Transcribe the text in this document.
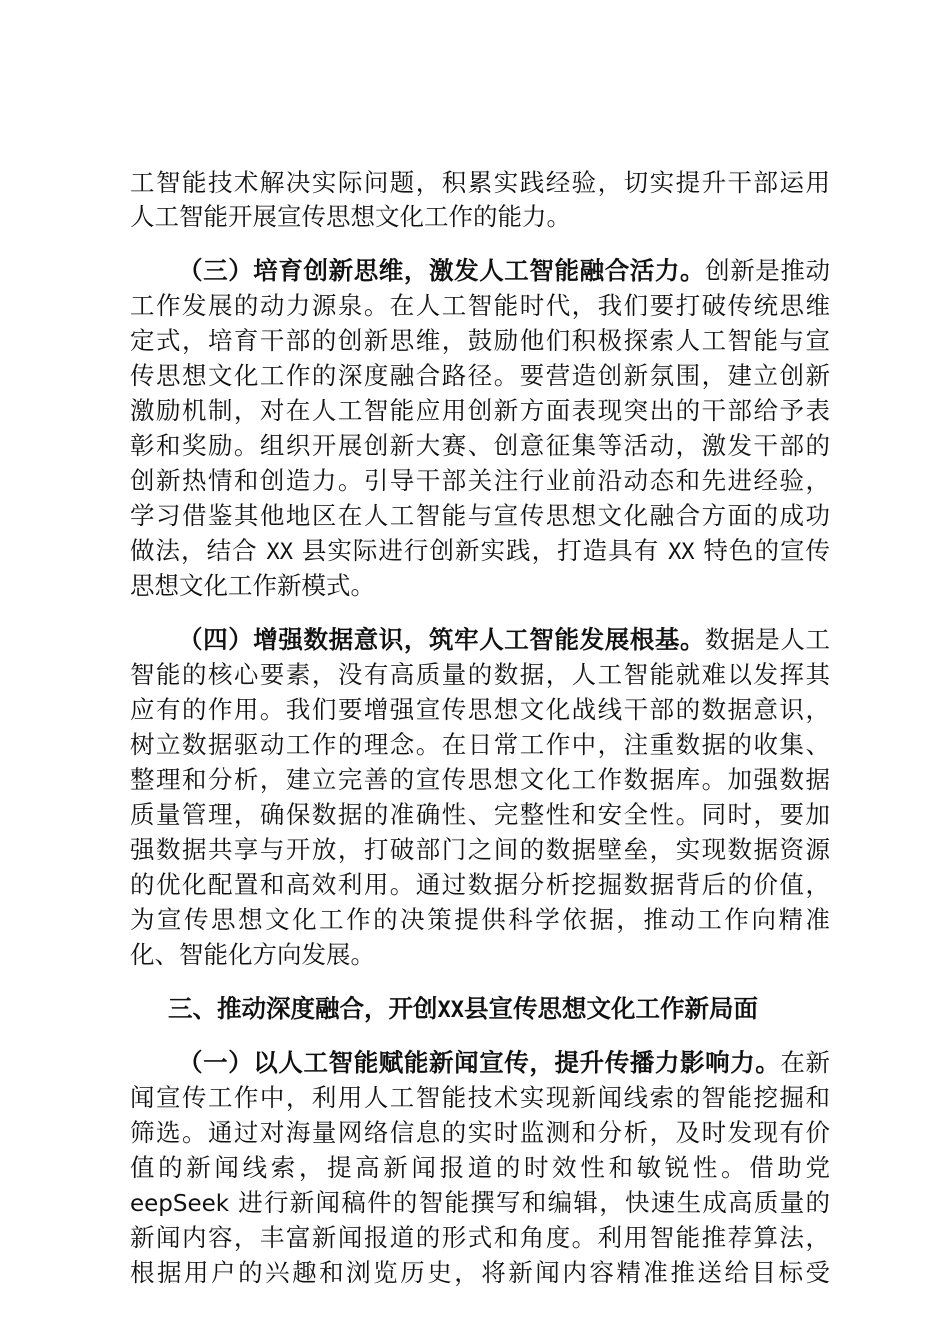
工智能技术解决实际问题，积累实践经验，切实提升干部运用
人工智能开展宣传思想文化工作的能力。
（三）培育创新思维，激发人工智能融合活力。创新是推动
工作发展的动力源泉。在人工智能时代，我们要打破传统思维
定式，培育干部的创新思维，鼓励他们积极探索人工智能与宣
传思想文化工作的深度融合路径。要营造创新氛围，建立创新
激励机制，对在人工智能应用创新方面表现突出的干部给予表
彰和奖励。组织开展创新大赛、创意征集等活动，激发干部的
创新热情和创造力。引导干部关注行业前沿动态和先进经验，
学习借鉴其他地区在人工智能与宣传思想文化融合方面的成功
做法，结合 XX 县实际进行创新实践，打造具有 XX 特色的宣传
思想文化工作新模式。
（四）增强数据意识，筑牢人工智能发展根基。数据是人工
智能的核心要素，没有高质量的数据，人工智能就难以发挥其
应有的作用。我们要增强宣传思想文化战线干部的数据意识，
树立数据驱动工作的理念。在日常工作中，注重数据的收集、
整理和分析，建立完善的宣传思想文化工作数据库。加强数据
质量管理，确保数据的准确性、完整性和安全性。同时，要加
强数据共享与开放，打破部门之间的数据壁垒，实现数据资源
的优化配置和高效利用。通过数据分析挖掘数据背后的价值，
为宣传思想文化工作的决策提供科学依据，推动工作向精准
化、智能化方向发展。
三、推动深度融合，开创XX县宣传思想文化工作新局面
（一）以人工智能赋能新闻宣传，提升传播力影响力。在新
闻宣传工作中，利用人工智能技术实现新闻线索的智能挖掘和
筛选。通过对海量网络信息的实时监测和分析，及时发现有价
值的新闻线索，提高新闻报道的时效性和敏锐性。借助党
eepSeek 进行新闻稿件的智能撰写和编辑，快速生成高质量的
新闻内容，丰富新闻报道的形式和角度。利用智能推荐算法，
根据用户的兴趣和浏览历史，将新闻内容精准推送给目标受
